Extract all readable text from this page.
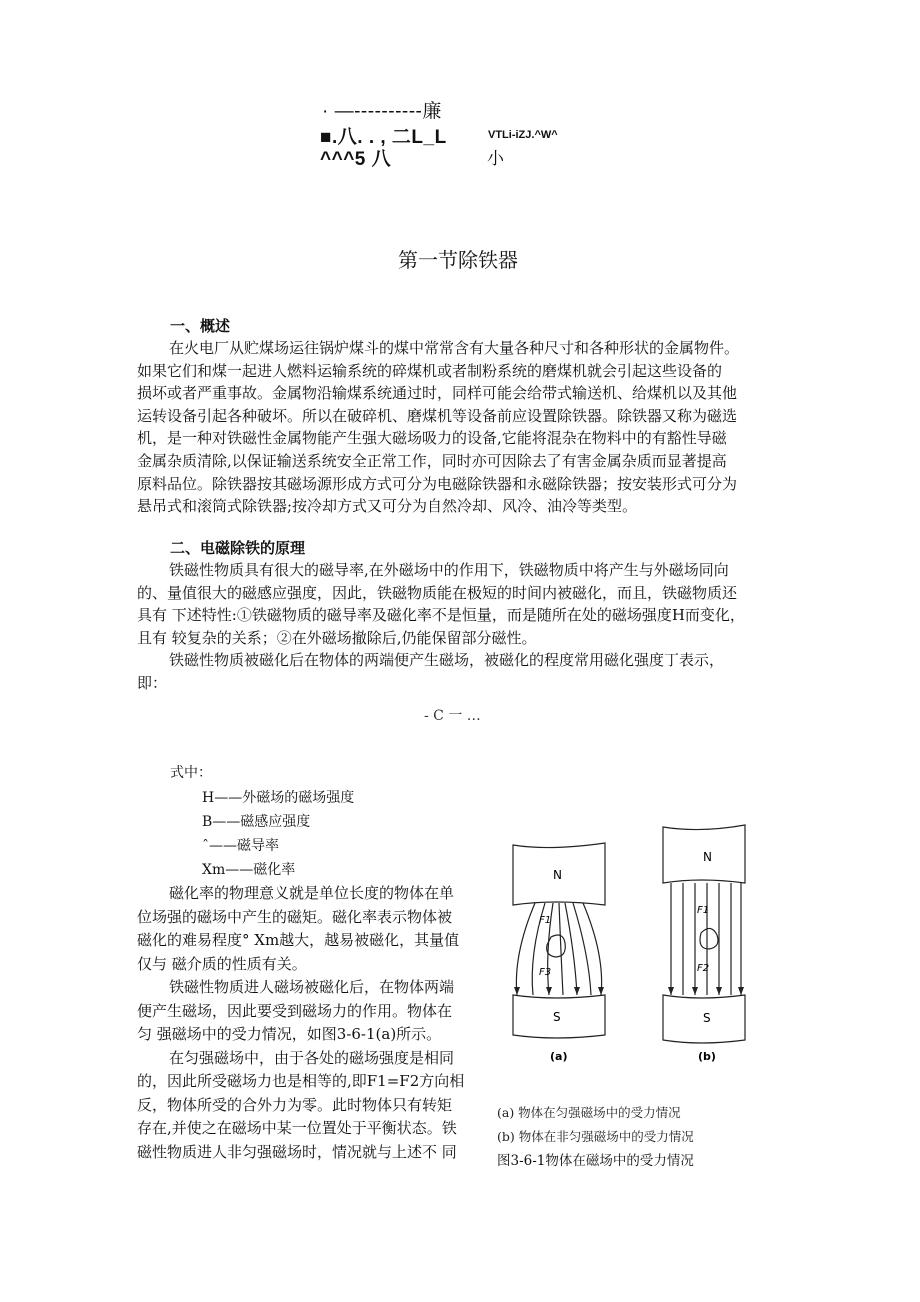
· —----------廉
■.八. . , 二L_L	VTLi-iZJ.^W^
^^^5 八	小
第一节除铁器
一、概述

在火电厂从贮煤场运往锅炉煤斗的煤中常常含有大量各种尺寸和各种形状的金属物件。

如果它们和煤一起进人燃料运输系统的碎煤机或者制粉系统的磨煤机就会引起这些设备的

损坏或者严重事故。金属物沿输煤系统通过时，同样可能会给带式输送机、给煤机以及其他

运转设备引起各种破坏。所以在破碎机、磨煤机等设备前应设置除铁器。除铁器又称为磁选

机，是一种对铁磁性金属物能产生强大磁场吸力的设备,它能将混杂在物料中的有豁性导磁

金属杂质清除,以保证输送系统安全正常工作，同时亦可因除去了有害金属杂质而显著提高

原料品位。除铁器按其磁场源形成方式可分为电磁除铁器和永磁除铁器；按安装形式可分为

悬吊式和滚筒式除铁器;按冷却方式又可分为自然冷却、风冷、油冷等类型。

二、电磁除铁的原理

铁磁性物质具有很大的磁导率,在外磁场中的作用下，铁磁物质中将产生与外磁场同向

的、量值很大的磁感应强度，因此，铁磁物质能在极短的时间内被磁化，而且，铁磁物质还

具有 下述特性:①铁磁物质的磁导率及磁化率不是恒量，而是随所在处的磁场强度H而变化，

且有 较复杂的关系；②在外磁场撤除后,仍能保留部分磁性。

铁磁性物质被磁化后在物体的两端便产生磁场，被磁化的程度常用磁化强度丁表示，

即：

- C 一 …
式中：
H——外磁场的磁场强度
B——磁感应强度
ˆ——磁导率
Xm——磁化率

磁化率的物理意义就是单位长度的物体在单

位场强的磁场中产生的磁矩。磁化率表示物体被

磁化的难易程度° Xm越大，越易被磁化，其量值

仅与 磁介质的性质有关。

铁磁性物质进人磁场被磁化后，在物体两端

便产生磁场，因此要受到磁场力的作用。物体在

匀 强磁场中的受力情况，如图3-6-1(a)所示。

在匀强磁场中，由于各处的磁场强度是相同

的，因此所受磁场力也是相等的,即F1=F2方向相

反，物体所受的合外力为零。此时物体只有转矩

存在,并使之在磁场中某一位置处于平衡状态。铁

磁性物质进人非匀强磁场时，情况就与上述不 同

N
S
N
S
F1
F3
F1
F2
(a)	(b)
(a) 物体在匀强磁场中的受力情况
(b) 物体在非匀强磁场中的受力情况
图3-6-1物体在磁场中的受力情况
